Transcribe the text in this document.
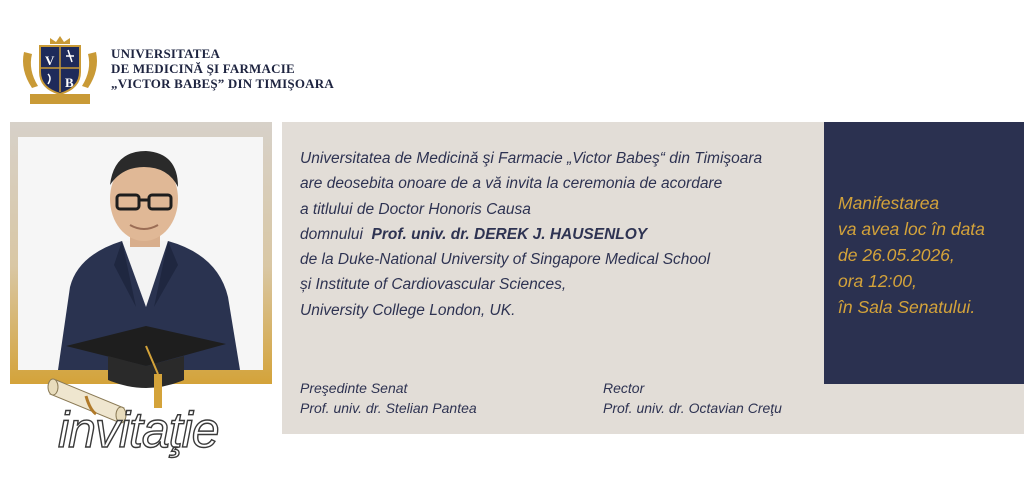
V
B
UNIVERSITATEA
DE MEDICINĂ ŞI FARMACIE
„VICTOR BABEŞ” DIN TIMIŞOARA
Universitatea de Medicină şi Farmacie „Victor Babeş“ din Timişoara
are deosebita onoare de a vă invita la ceremonia de acordare
a titlului de Doctor Honoris Causa
domnului Prof. univ. dr. DEREK J. HAUSENLOY
de la Duke-National University of Singapore Medical School
și Institute of Cardiovascular Sciences,
University College London, UK.
Preşedinte Senat
Prof. univ. dr. Stelian Pantea
Rector
Prof. univ. dr. Octavian Creţu
Manifestarea
va avea loc în data
de 26.05.2026,
ora 12:00,
în Sala Senatului.
invitaţie
